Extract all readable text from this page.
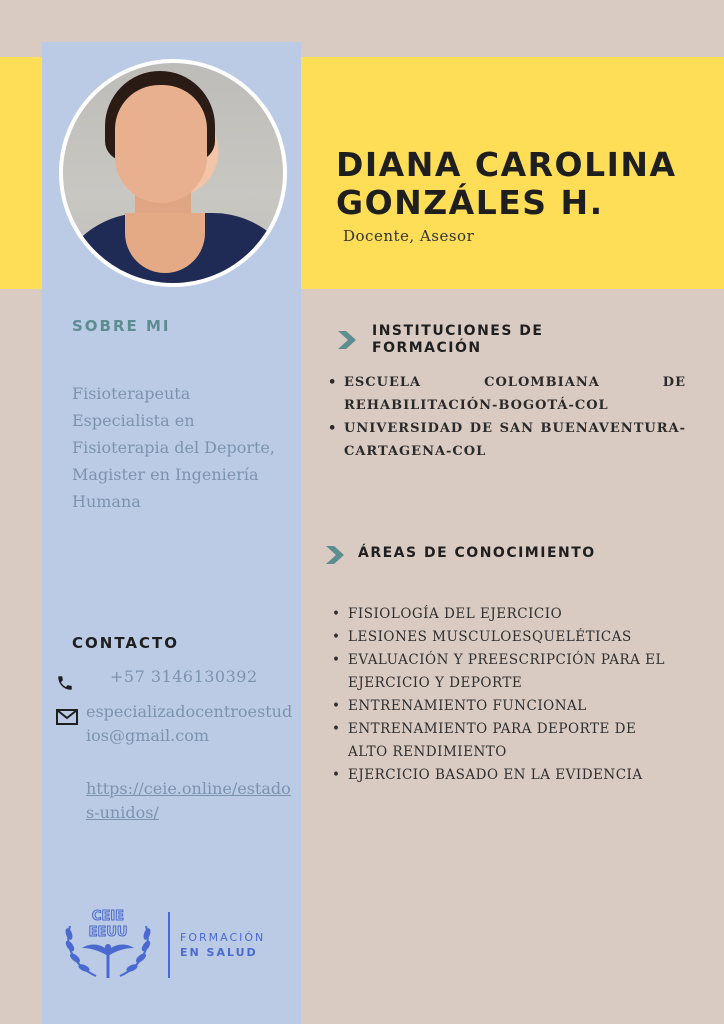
DIANA CAROLINA
GONZÁLES H.
Docente, Asesor
SOBRE MI
Fisioterapeuta Especialista en Fisioterapia del Deporte, Magister en Ingeniería Humana
CONTACTO
+57 3146130392
especializadocentroestudios@gmail.com
https://ceie.online/estados-unidos/
CEIE
EEUU	FORMACIÓN
EN SALUD
INSTITUCIONES DE FORMACIÓN
• ESCUELA COLOMBIANA DE REHABILITACIÓN-BOGOTÁ-COL
• UNIVERSIDAD DE SAN BUENAVENTURA-CARTAGENA-COL
ÁREAS DE CONOCIMIENTO
• FISIOLOGÍA DEL EJERCICIO
• LESIONES MUSCULOESQUELÉTICAS
• EVALUACIÓN Y PREESCRIPCIÓN PARA EL EJERCICIO Y DEPORTE
• ENTRENAMIENTO FUNCIONAL
• ENTRENAMIENTO PARA DEPORTE DE ALTO RENDIMIENTO
• EJERCICIO BASADO EN LA EVIDENCIA
